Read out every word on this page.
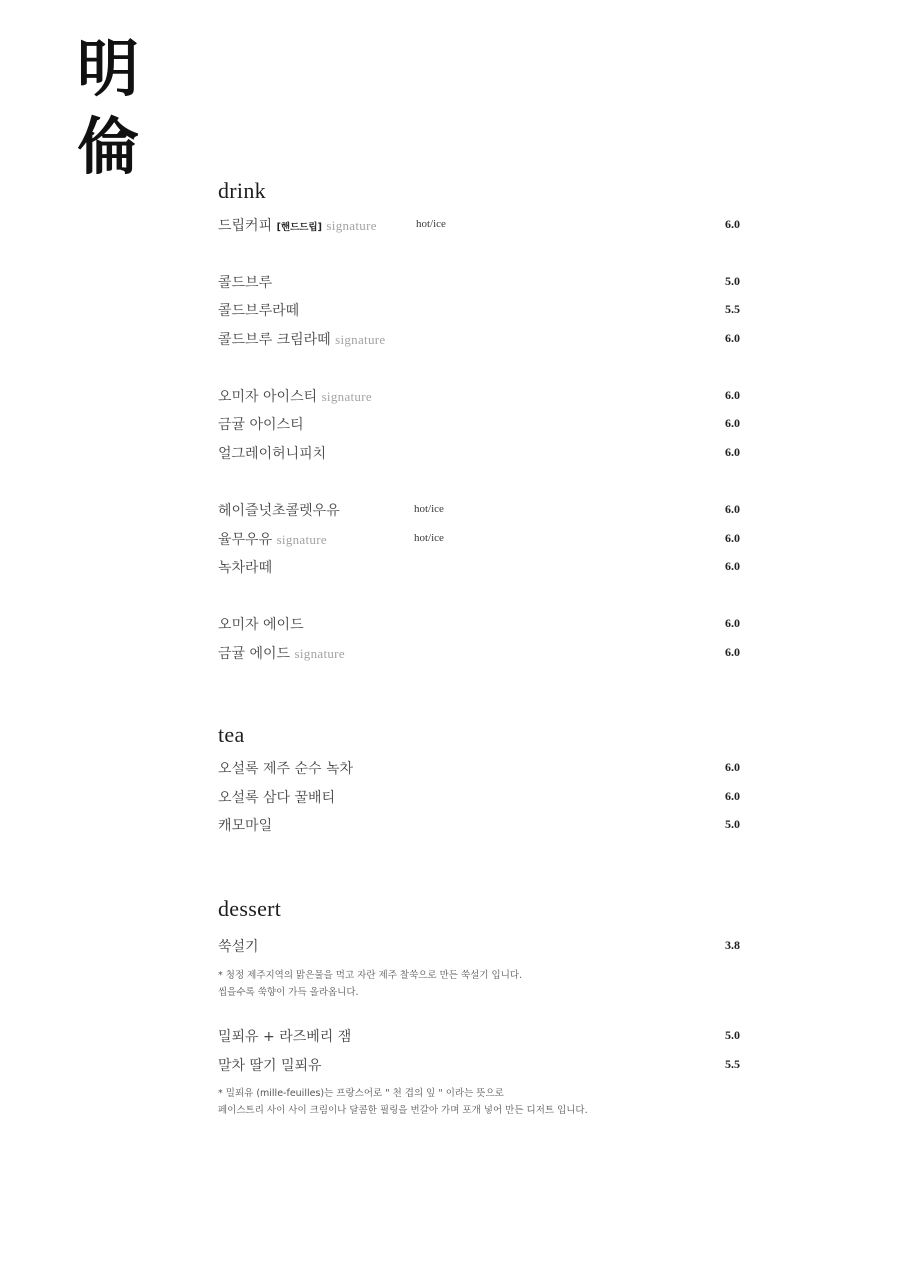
明
倫
drink
드립커피 [핸드드립] signature	hot/ice	6.0
콜드브루	5.0
콜드브루라떼	5.5
콜드브루 크림라떼 signature	6.0
오미자 아이스티 signature	6.0
금귤 아이스티	6.0
얼그레이허니피치	6.0
헤이즐넛초콜렛우유	hot/ice	6.0
율무우유 signature	hot/ice	6.0
녹차라떼	6.0
오미자 에이드	6.0
금귤 에이드 signature	6.0
tea
오설록 제주 순수 녹차	6.0
오설록 삼다 꿀배티	6.0
캐모마일	5.0
dessert
쑥설기	3.8
* 청정 제주지역의 맑은물을 먹고 자란 제주 찰쑥으로 만든 쑥설기 입니다.
씹을수록 쑥향이 가득 올라옵니다.
밀푀유 + 라즈베리 잼	5.0
말차 딸기 밀푀유	5.5
* 밀푀유 (mille-feuilles)는 프랑스어로 " 천 겹의 잎 " 이라는 뜻으로
페이스트리 사이 사이 크림이나 달콤한 필링을 번갈아 가며 포개 넣어 만든 디저트 입니다.
